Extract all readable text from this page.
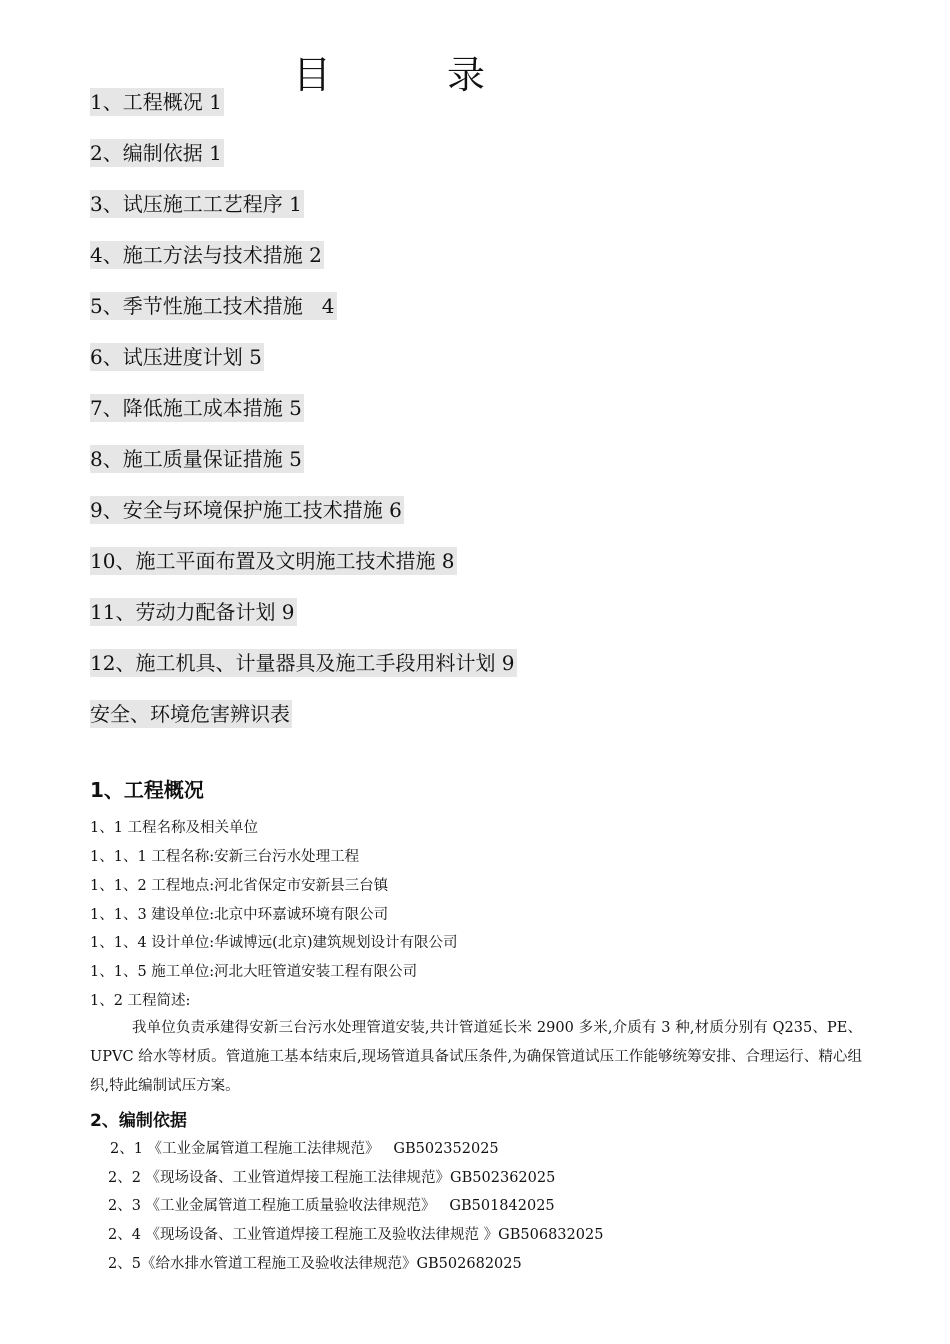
目 录
1、工程概况 1
2、编制依据 1
3、试压施工工艺程序 1
4、施工方法与技术措施 2
5、季节性施工技术措施   4
6、试压进度计划 5
7、降低施工成本措施 5
8、施工质量保证措施 5
9、安全与环境保护施工技术措施 6
10、施工平面布置及文明施工技术措施 8
11、劳动力配备计划 9
12、施工机具、计量器具及施工手段用料计划 9
安全、环境危害辨识表
1、工程概况
1、1 工程名称及相关单位
1、1、1 工程名称:安新三台污水处理工程
1、1、2 工程地点:河北省保定市安新县三台镇
1、1、3 建设单位:北京中环嘉诚环境有限公司
1、1、4 设计单位:华诚博远(北京)建筑规划设计有限公司
1、1、5 施工单位:河北大旺管道安装工程有限公司
1、2 工程简述:
我单位负责承建得安新三台污水处理管道安装,共计管道延长米 2900 多米,介质有 3 种,材质分别有 Q235、PE、UPVC 给水等材质。管道施工基本结束后,现场管道具备试压条件,为确保管道试压工作能够统筹安排、合理运行、精心组织,特此编制试压方案。
2、编制依据
2、1 《工业金属管道工程施工法律规范》   GB502352025
2、2 《现场设备、工业管道焊接工程施工法律规范》GB502362025
2、3 《工业金属管道工程施工质量验收法律规范》   GB501842025
2、4 《现场设备、工业管道焊接工程施工及验收法律规范 》GB506832025
2、5《给水排水管道工程施工及验收法律规范》GB502682025
